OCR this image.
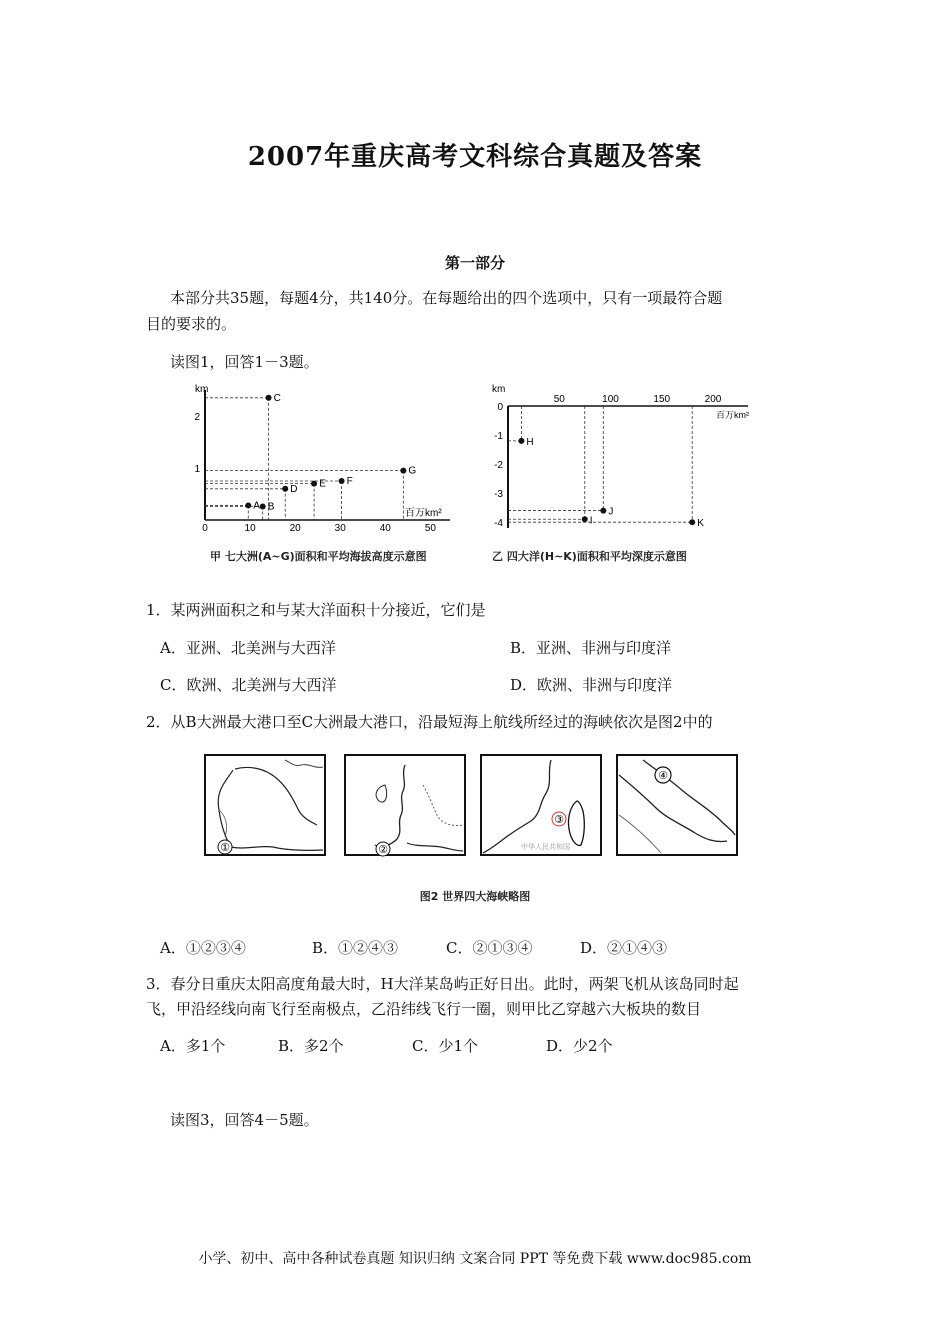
2007年重庆高考文科综合真题及答案
第一部分
本部分共35题，每题4分，共140分。在每题给出的四个选项中，只有一项最符合题
目的要求的。
读图1，回答1－3题。
km
百万km²
0	10	20	30	40	50
1
2
A B
C
D E F
G
甲 七大洲(A~G)面积和平均海拔高度示意图
km
百万km²
50	100	150	200
0
-1
-2
-3
-4
H
I
J
K
乙 四大洋(H~K)面积和平均深度示意图
1．某两洲面积之和与某大洋面积十分接近，它们是
A．亚洲、北美洲与大西洋	B．亚洲、非洲与印度洋
C．欧洲、北美洲与大西洋	D．欧洲、非洲与印度洋
2．从B大洲最大港口至C大洲最大港口，沿最短海上航线所经过的海峡依次是图2中的
①	②	中华人民共和国
③
④
图2 世界四大海峡略图
A．①②③④	B．①②④③	C．②①③④	D．②①④③
3．春分日重庆太阳高度角最大时，H大洋某岛屿正好日出。此时，两架飞机从该岛同时起
飞，甲沿经线向南飞行至南极点，乙沿纬线飞行一圈，则甲比乙穿越六大板块的数目
A．多1个	B．多2个	C．少1个	D．少2个
读图3，回答4－5题。
小学、初中、高中各种试卷真题 知识归纳 文案合同 PPT 等免费下载 www.doc985.com
